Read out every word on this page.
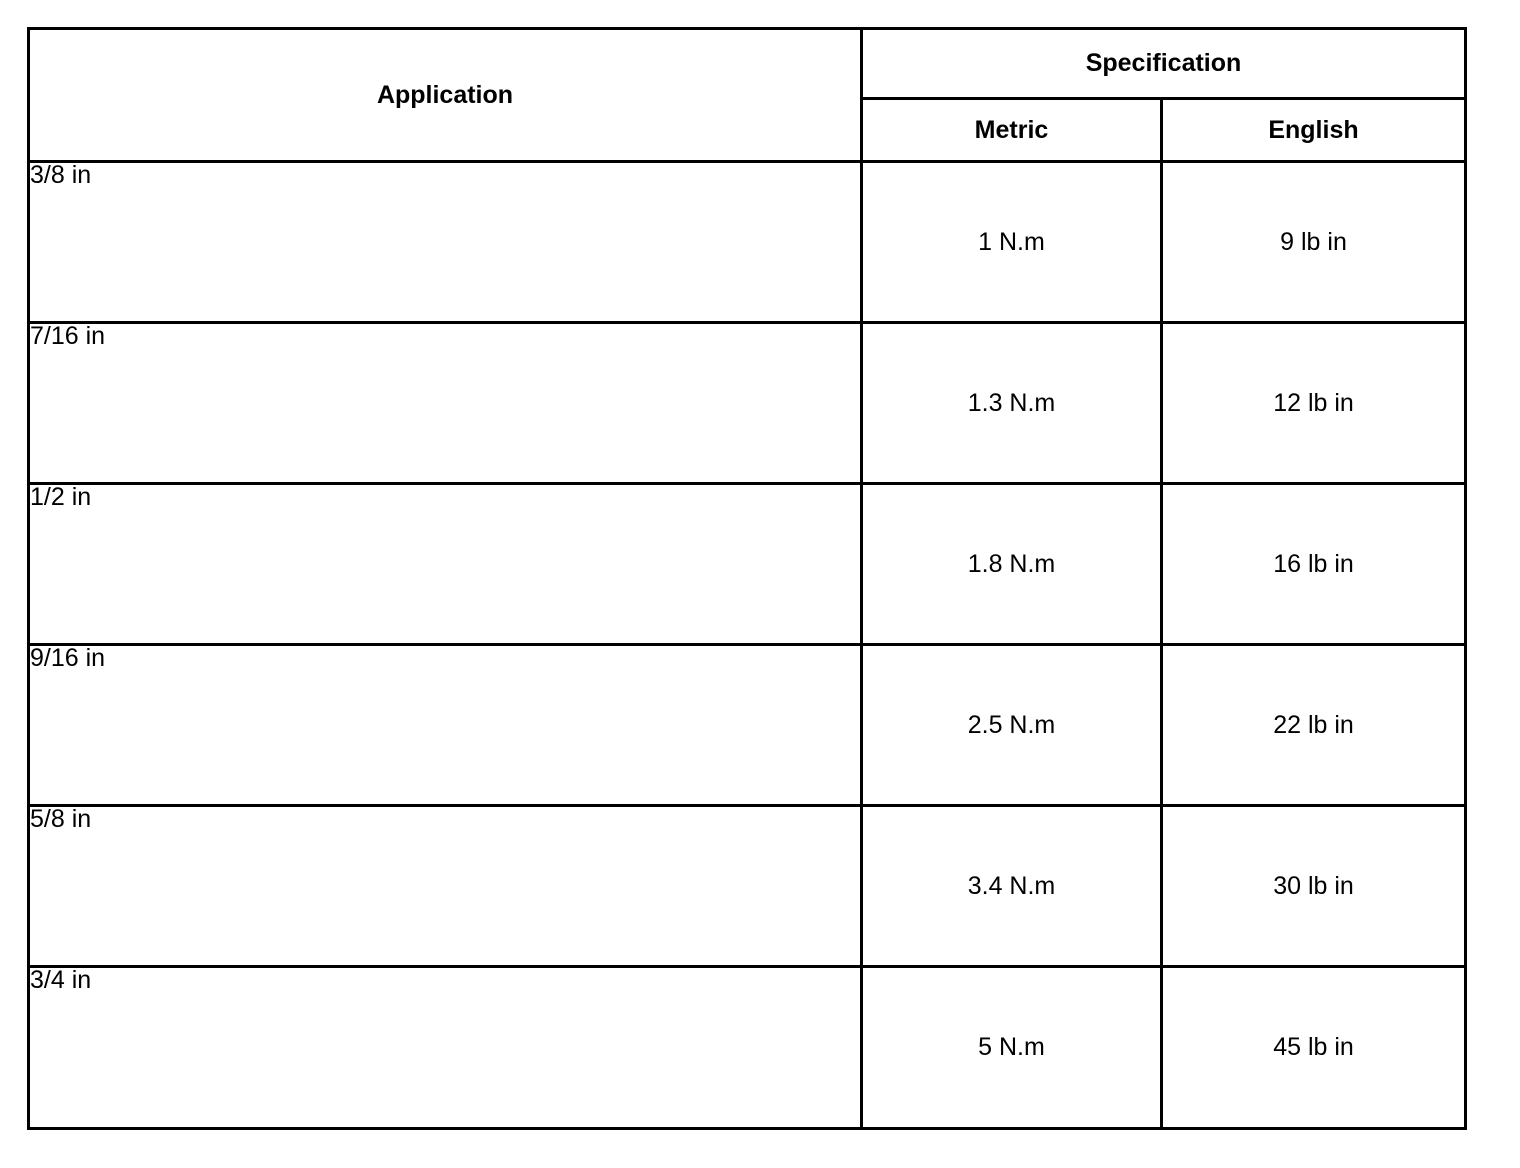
Application	Specification	
	Metric	English
3/8 in	1 N.m	9 lb in
7/16 in	1.3 N.m	12 lb in
1/2 in	1.8 N.m	16 lb in
9/16 in	2.5 N.m	22 lb in
5/8 in	3.4 N.m	30 lb in
3/4 in	5 N.m	45 lb in
